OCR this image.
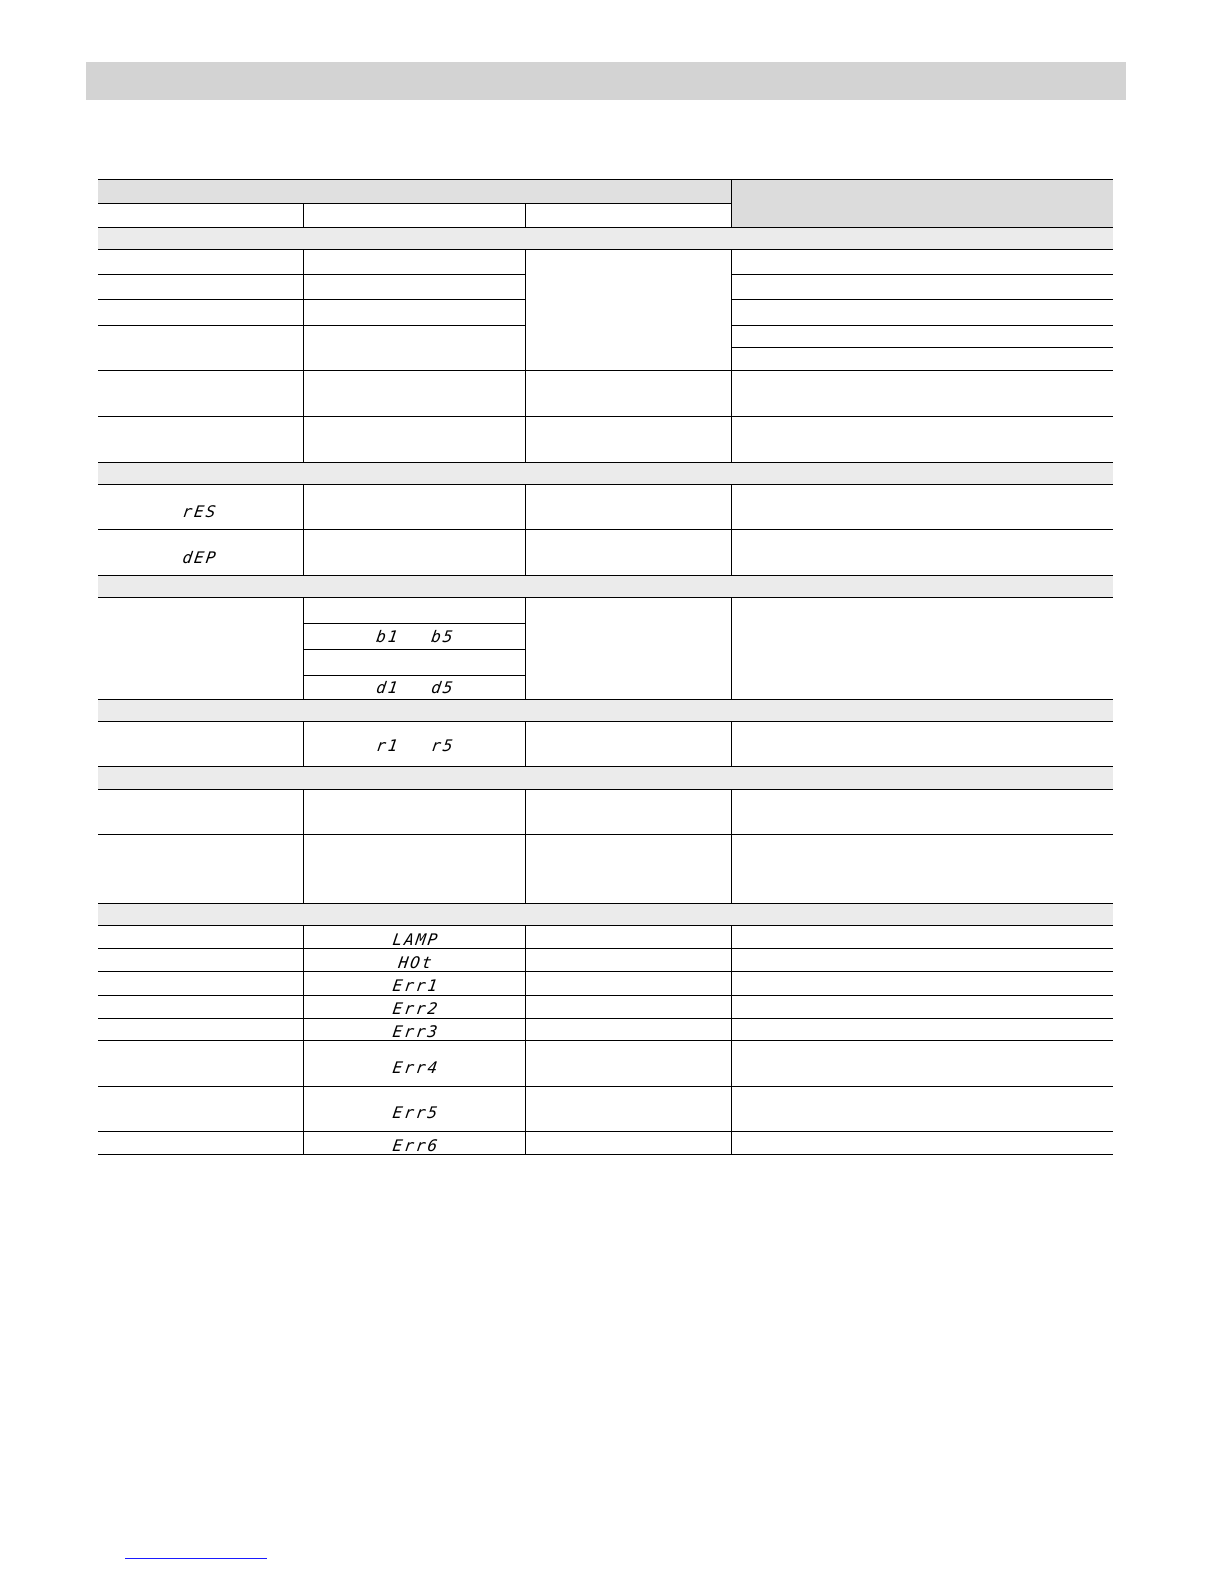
rES
dEP
b1 b5
d1 d5
r1 r5
LAMP
HOt
Err1
Err2
Err3
Err4
Err5
Err6
